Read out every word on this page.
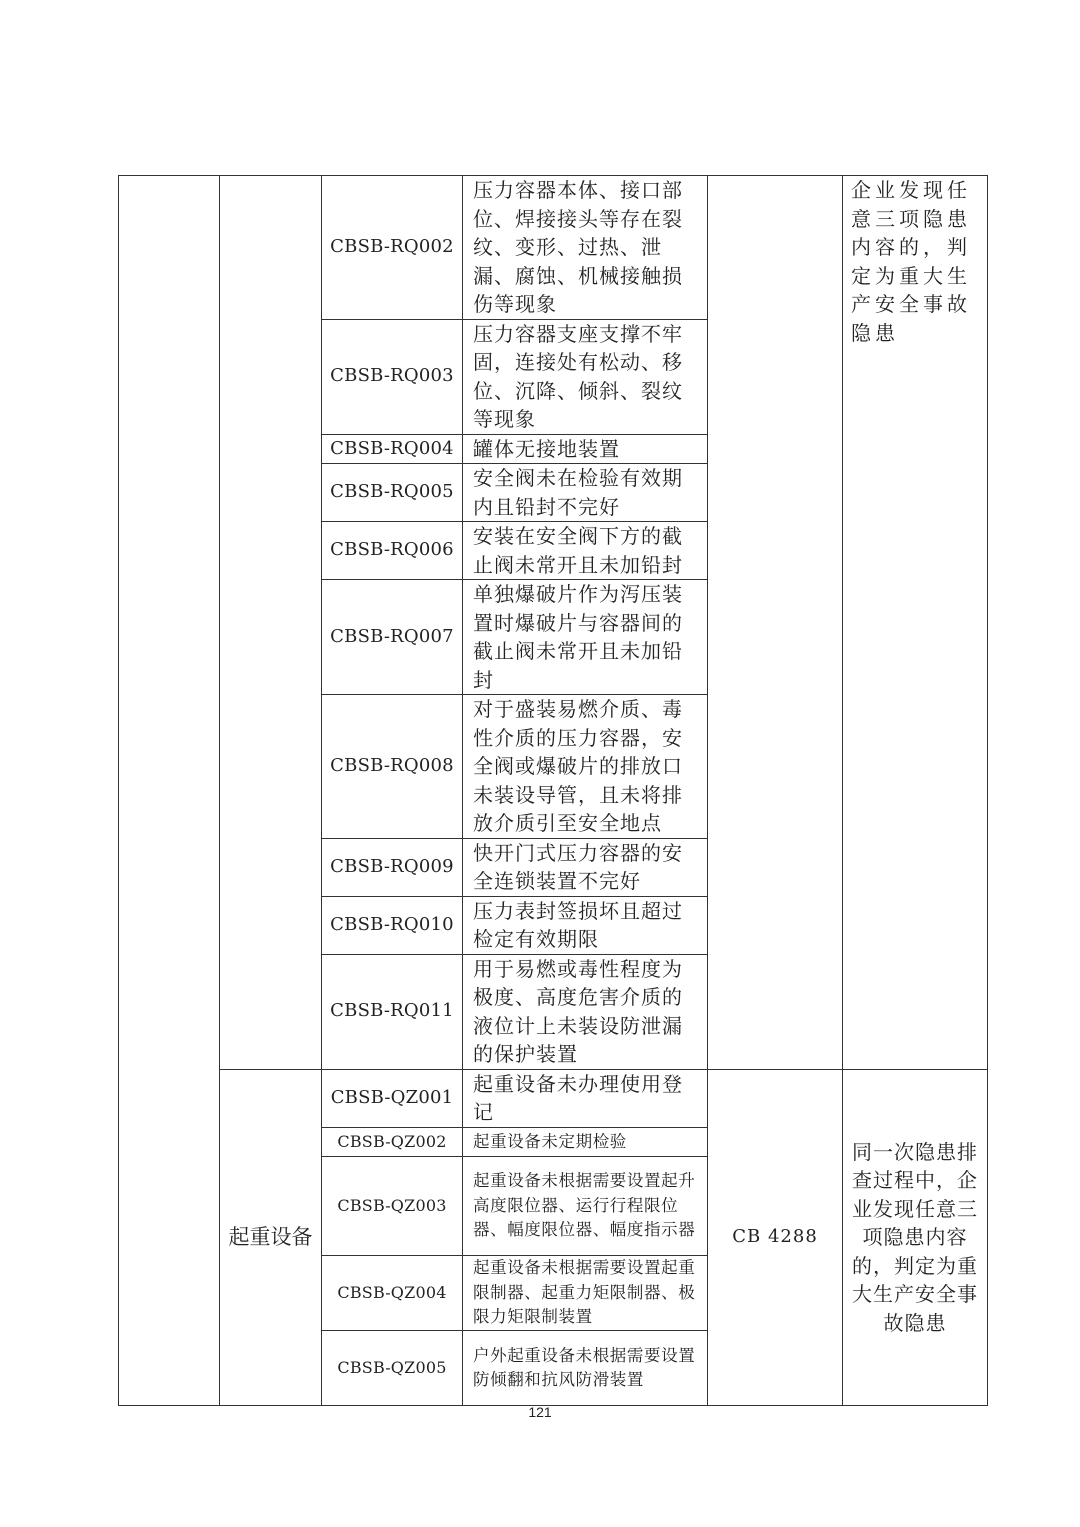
		CBSB-RQ002	压力容器本体、接口部位、焊接接头等存在裂纹、变形、过热、泄漏、腐蚀、机械接触损伤等现象		企业发现任意三项隐患内容的，判定为重大生产安全事故隐患
		CBSB-RQ003	压力容器支座支撑不牢固，连接处有松动、移位、沉降、倾斜、裂纹等现象		
		CBSB-RQ004	罐体无接地装置		
		CBSB-RQ005	安全阀未在检验有效期内且铅封不完好		
		CBSB-RQ006	安装在安全阀下方的截止阀未常开且未加铅封		
		CBSB-RQ007	单独爆破片作为泻压装置时爆破片与容器间的截止阀未常开且未加铅封		
		CBSB-RQ008	对于盛装易燃介质、毒性介质的压力容器，安全阀或爆破片的排放口未装设导管，且未将排放介质引至安全地点		
		CBSB-RQ009	快开门式压力容器的安全连锁装置不完好		
		CBSB-RQ010	压力表封签损坏且超过检定有效期限		
		CBSB-RQ011	用于易燃或毒性程度为极度、高度危害介质的液位计上未装设防泄漏的保护装置		
	起重设备	CBSB-QZ001	起重设备未办理使用登记	CB 4288	同一次隐患排查过程中，企业发现任意三项隐患内容的，判定为重大生产安全事故隐患
		CBSB-QZ002	起重设备未定期检验		
		CBSB-QZ003	起重设备未根据需要设置起升高度限位器、运行行程限位器、幅度限位器、幅度指示器		
		CBSB-QZ004	起重设备未根据需要设置起重限制器、起重力矩限制器、极限力矩限制装置		
		CBSB-QZ005	户外起重设备未根据需要设置防倾翻和抗风防滑装置		
121
